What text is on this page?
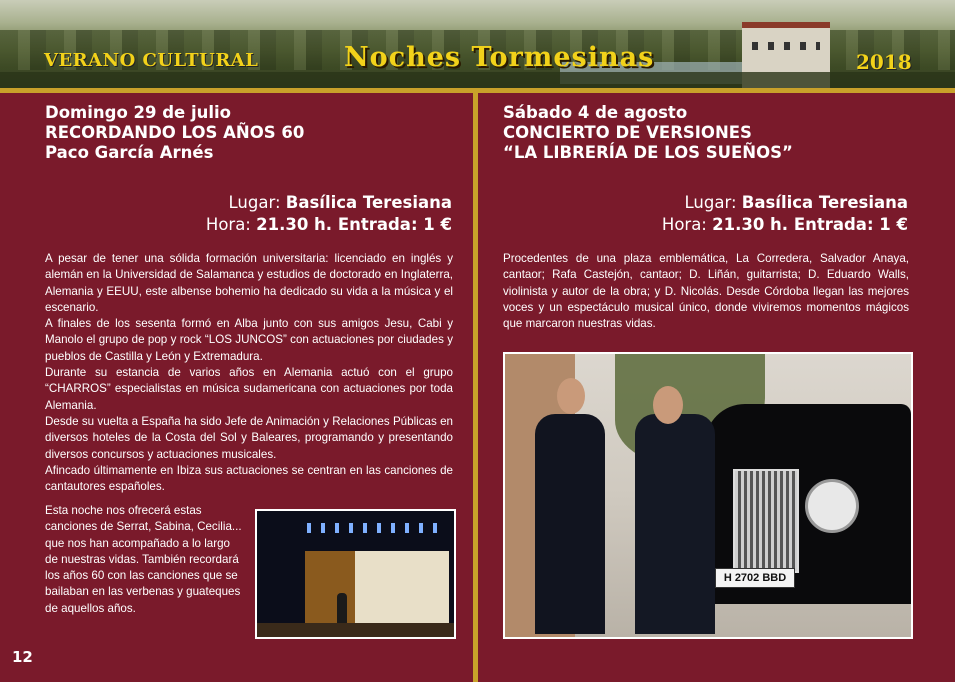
VERANO CULTURAL	Noches Tormesinas	2018
Domingo 29 de julio
RECORDANDO LOS AÑOS 60
Paco García Arnés
Lugar: Basílica Teresiana
Hora: 21.30 h. Entrada: 1 €

A pesar de tener una sólida formación universitaria: licenciado en inglés y alemán en la Universidad de Salamanca y estudios de doctorado en Inglaterra, Alemania y EEUU, este albense bohemio ha dedicado su vida a la música y el escenario.

A finales de los sesenta formó en Alba junto con sus amigos Jesu, Cabi y Manolo el grupo de pop y rock “LOS JUNCOS” con actuaciones por ciudades y pueblos de Castilla y León y Extremadura.

Durante su estancia de varios años en Alemania actuó con el grupo “CHARROS” especialistas en música sudamericana con actuaciones por toda Alemania.

Desde su vuelta a España ha sido Jefe de Animación y Relaciones Públicas en diversos hoteles de la Costa del Sol y Baleares, programando y presentando diversos concursos y actuaciones musicales.

Afincado últimamente en Ibiza sus actuaciones se centran en las canciones de cantautores españoles.

Esta noche nos ofrecerá estas
canciones de Serrat, Sabina, Cecilia...
que nos han acompañado a lo largo
de nuestras vidas. También recordará
los años 60 con las canciones que se
bailaban en las verbenas y guateques
de aquellos años.
Sábado 4 de agosto
CONCIERTO DE VERSIONES
“LA LIBRERÍA DE LOS SUEÑOS”
Lugar: Basílica Teresiana
Hora: 21.30 h. Entrada: 1 €

Procedentes de una plaza emblemática, La Corredera, Salvador Anaya, cantaor; Rafa Castejón, cantaor; D. Liñán, guitarrista; D. Eduardo Walls, violinista y autor de la obra; y D. Nicolás. Desde Córdoba llegan las mejores voces y un espectáculo musical único, donde viviremos momentos mágicos que marcaron nuestras vidas.

H 2702 BBD
12
